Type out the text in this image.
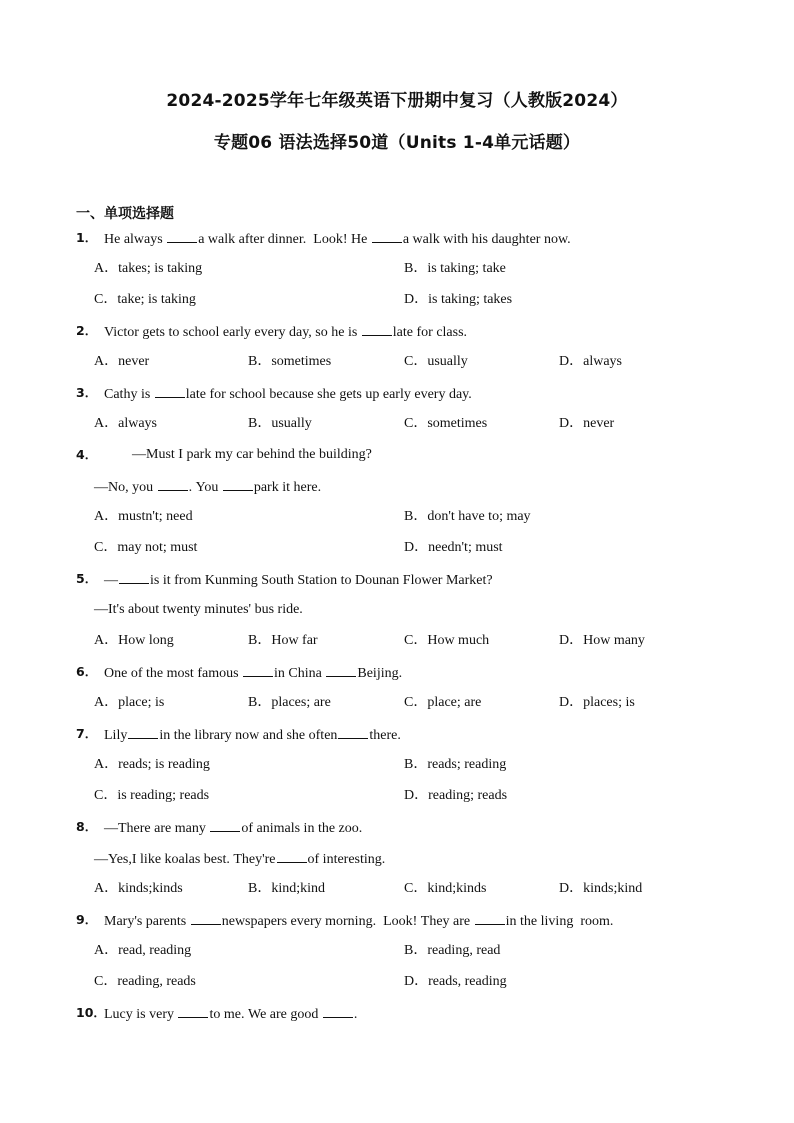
2024-2025学年七年级英语下册期中复习（人教版2024）
专题06 语法选择50道（Units 1-4单元话题）
一、单项选择题
1． He always a walk after dinner.  Look! He a walk with his daughter now.
A．takes; is taking	B．is taking; take
C．take; is taking	D．is taking; takes
2． Victor gets to school early every day, so he is late for class.
A．never	B．sometimes	C．usually	D．always
3． Cathy is late for school because she gets up early every day.
A．always	B．usually	C．sometimes	D．never
4． —Must I park my car behind the building?
—No, you . You park it here.
A．mustn't; need	B．don't have to; may
C．may not; must	D．needn't; must
5． — is it from Kunming South Station to Dounan Flower Market?
—It's about twenty minutes' bus ride.
A．How long	B．How far	C．How much	D．How many
6． One of the most famous in China Beijing.
A．place; is	B．places; are	C．place; are	D．places; is
7． Lily in the library now and she often there.
A．reads; is reading	B．reads; reading
C．is reading; reads	D．reading; reads
8． —There are many of animals in the zoo.
—Yes,I like koalas best. They're of interesting.
A．kinds;kinds	B．kind;kind	C．kind;kinds	D．kinds;kind
9． Mary's parents newspapers every morning.  Look! They are in the living  room.
A．read, reading	B．reading, read
C．reading, reads	D．reads, reading
10．
Lucy is very to me. We are good .
